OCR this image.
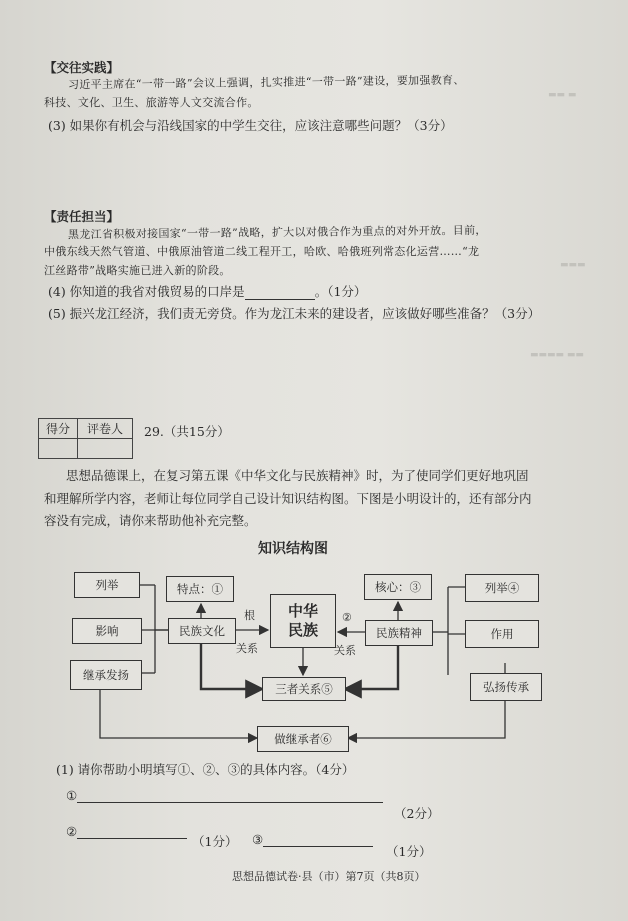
▬▬ ▬
▬▬▬
▬▬▬▬ ▬▬
【交往实践】
习近平主席在“一带一路”会议上强调，扎实推进“一带一路”建设，要加强教育、
科技、文化、卫生、旅游等人文交流合作。
(3) 如果你有机会与沿线国家的中学生交往，应该注意哪些问题？（3分）
【责任担当】
黑龙江省积极对接国家“一带一路”战略，扩大以对俄合作为重点的对外开放。目前，
中俄东线天然气管道、中俄原油管道二线工程开工，哈欧、哈俄班列常态化运营……“龙
江丝路带”战略实施已进入新的阶段。
(4) 你知道的我省对俄贸易的口岸是	。（1分）
(5) 振兴龙江经济，我们责无旁贷。作为龙江未来的建设者，应该做好哪些准备？（3分）
得分	评卷人
	29.（共15分）
思想品德课上，在复习第五课《中华文化与民族精神》时，为了使同学们更好地巩固
和理解所学内容，老师让每位同学自己设计知识结构图。下图是小明设计的，还有部分内
容没有完成，请你来帮助他补充完整。
知识结构图
列举
影响
继承发扬
特点：①
民族文化
中华
民族
根
关系
②
关系
核心：③
民族精神
列举④
作用
弘扬传承
三者关系⑤
做继承者⑥
(1) 请你帮助小明填写①、②、③的具体内容。（4分）
①
（2分）
②
（1分） ③
（1分）
思想品德试卷·县（市）第7页（共8页）
